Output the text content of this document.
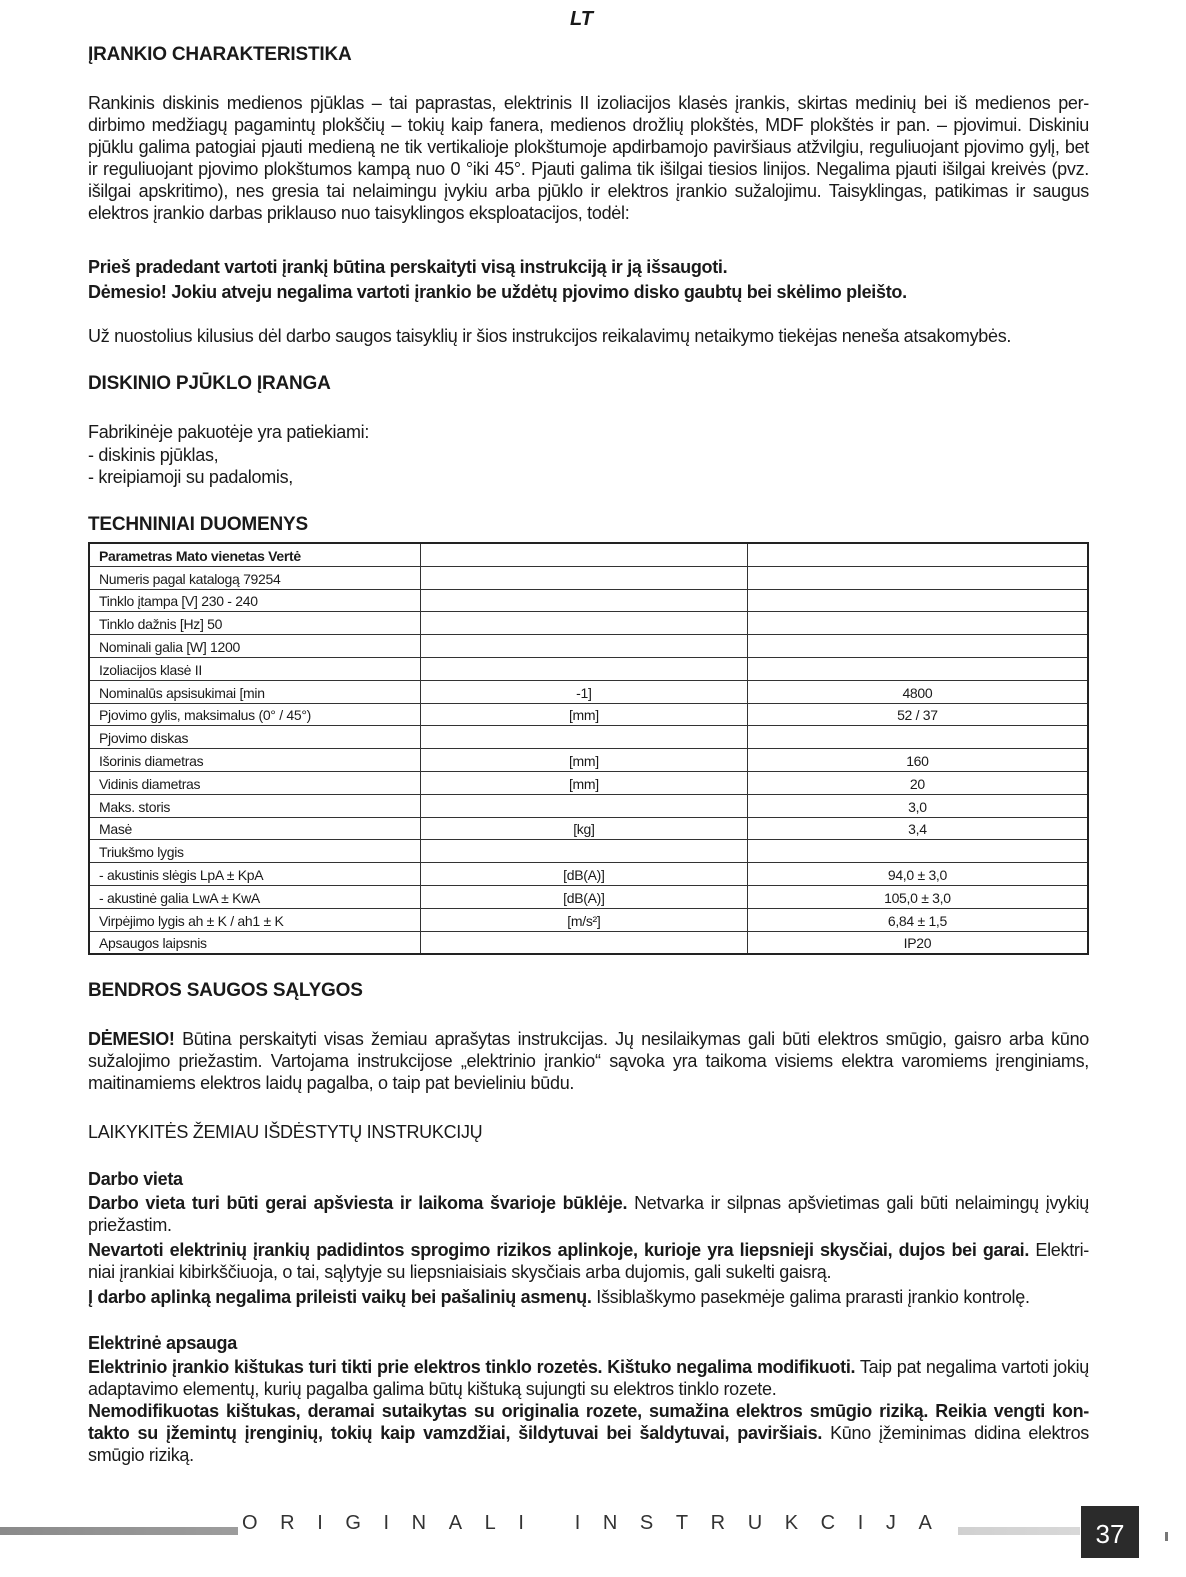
LT
ĮRANKIO CHARAKTERISTIKA
Rankinis diskinis medienos pjūklas – tai paprastas, elektrinis II izoliacijos klasės įrankis, skirtas medinių bei iš medienos per-
dirbimo medžiagų pagamintų plokščių – tokių kaip fanera, medienos drožlių plokštės, MDF plokštės ir pan. – pjovimui. Diskiniu
pjūklu galima patogiai pjauti medieną ne tik vertikalioje plokštumoje apdirbamojo paviršiaus atžvilgiu, reguliuojant pjovimo gylį, bet
ir reguliuojant pjovimo plokštumos kampą nuo 0 °iki 45°. Pjauti galima tik išilgai tiesios linijos. Negalima pjauti išilgai kreivės (pvz.
išilgai apskritimo), nes gresia tai nelaimingu įvykiu arba pjūklo ir elektros įrankio sužalojimu. Taisyklingas, patikimas ir saugus
elektros įrankio darbas priklauso nuo taisyklingos eksploatacijos, todėl:
Prieš pradedant vartoti įrankį būtina perskaityti visą instrukciją ir ją išsaugoti.
Dėmesio! Jokiu atveju negalima vartoti įrankio be uždėtų pjovimo disko gaubtų bei skėlimo pleišto.
Už nuostolius kilusius dėl darbo saugos taisyklių ir šios instrukcijos reikalavimų netaikymo tiekėjas neneša atsakomybės.
DISKINIO PJŪKLO ĮRANGA
Fabrikinėje pakuotėje yra patiekiami:
- diskinis pjūklas,
- kreipiamoji su padalomis,
TECHNINIAI DUOMENYS
Parametras Mato vienetas Vertė		
Numeris pagal katalogą 79254		
Tinklo įtampa [V] 230 - 240		
Tinklo dažnis [Hz] 50		
Nominali galia [W] 1200		
Izoliacijos klasė II		
Nominalūs apsisukimai [min	-1]	4800
Pjovimo gylis, maksimalus (0° / 45°)	[mm]	52 / 37
Pjovimo diskas		
Išorinis diametras	[mm]	160
Vidinis diametras	[mm]	20
Maks. storis		3,0
Masė	[kg]	3,4
Triukšmo lygis		
- akustinis slėgis LpA ± KpA	[dB(A)]	94,0 ± 3,0
- akustinė galia LwA ± KwA	[dB(A)]	105,0 ± 3,0
Virpėjimo lygis ah ± K / ah1 ± K	[m/s²]	6,84 ± 1,5
Apsaugos laipsnis		IP20
BENDROS SAUGOS SĄLYGOS
DĖMESIO! Būtina perskaityti visas žemiau aprašytas instrukcijas. Jų nesilaikymas gali būti elektros smūgio, gaisro arba kūno
sužalojimo priežastim. Vartojama instrukcijose „elektrinio įrankio“ sąvoka yra taikoma visiems elektra varomiems įrenginiams,
maitinamiems elektros laidų pagalba, o taip pat bevieliniu būdu.
LAIKYKITĖS ŽEMIAU IŠDĖSTYTŲ INSTRUKCIJŲ
Darbo vieta
Darbo vieta turi būti gerai apšviesta ir laikoma švarioje būklėje. Netvarka ir silpnas apšvietimas gali būti nelaimingų įvykių
priežastim.
Nevartoti elektrinių įrankių padidintos sprogimo rizikos aplinkoje, kurioje yra liepsnieji skysčiai, dujos bei garai. Elektri-
niai įrankiai kibirkščiuoja, o tai, sąlytyje su liepsniaisiais skysčiais arba dujomis, gali sukelti gaisrą.
Į darbo aplinką negalima prileisti vaikų bei pašalinių asmenų. Išsiblaškymo pasekmėje galima prarasti įrankio kontrolę.
Elektrinė apsauga
Elektrinio įrankio kištukas turi tikti prie elektros tinklo rozetės. Kištuko negalima modifikuoti. Taip pat negalima vartoti jokių
adaptavimo elementų, kurių pagalba galima būtų kištuką sujungti su elektros tinklo rozete.
Nemodifikuotas kištukas, deramai sutaikytas su originalia rozete, sumažina elektros smūgio riziką. Reikia vengti kon-
takto su įžemintų įrenginių, tokių kaip vamzdžiai, šildytuvai bei šaldytuvai, paviršiais. Kūno įžeminimas didina elektros
smūgio riziką.
ORIGINALI INSTRUKCIJA	37
